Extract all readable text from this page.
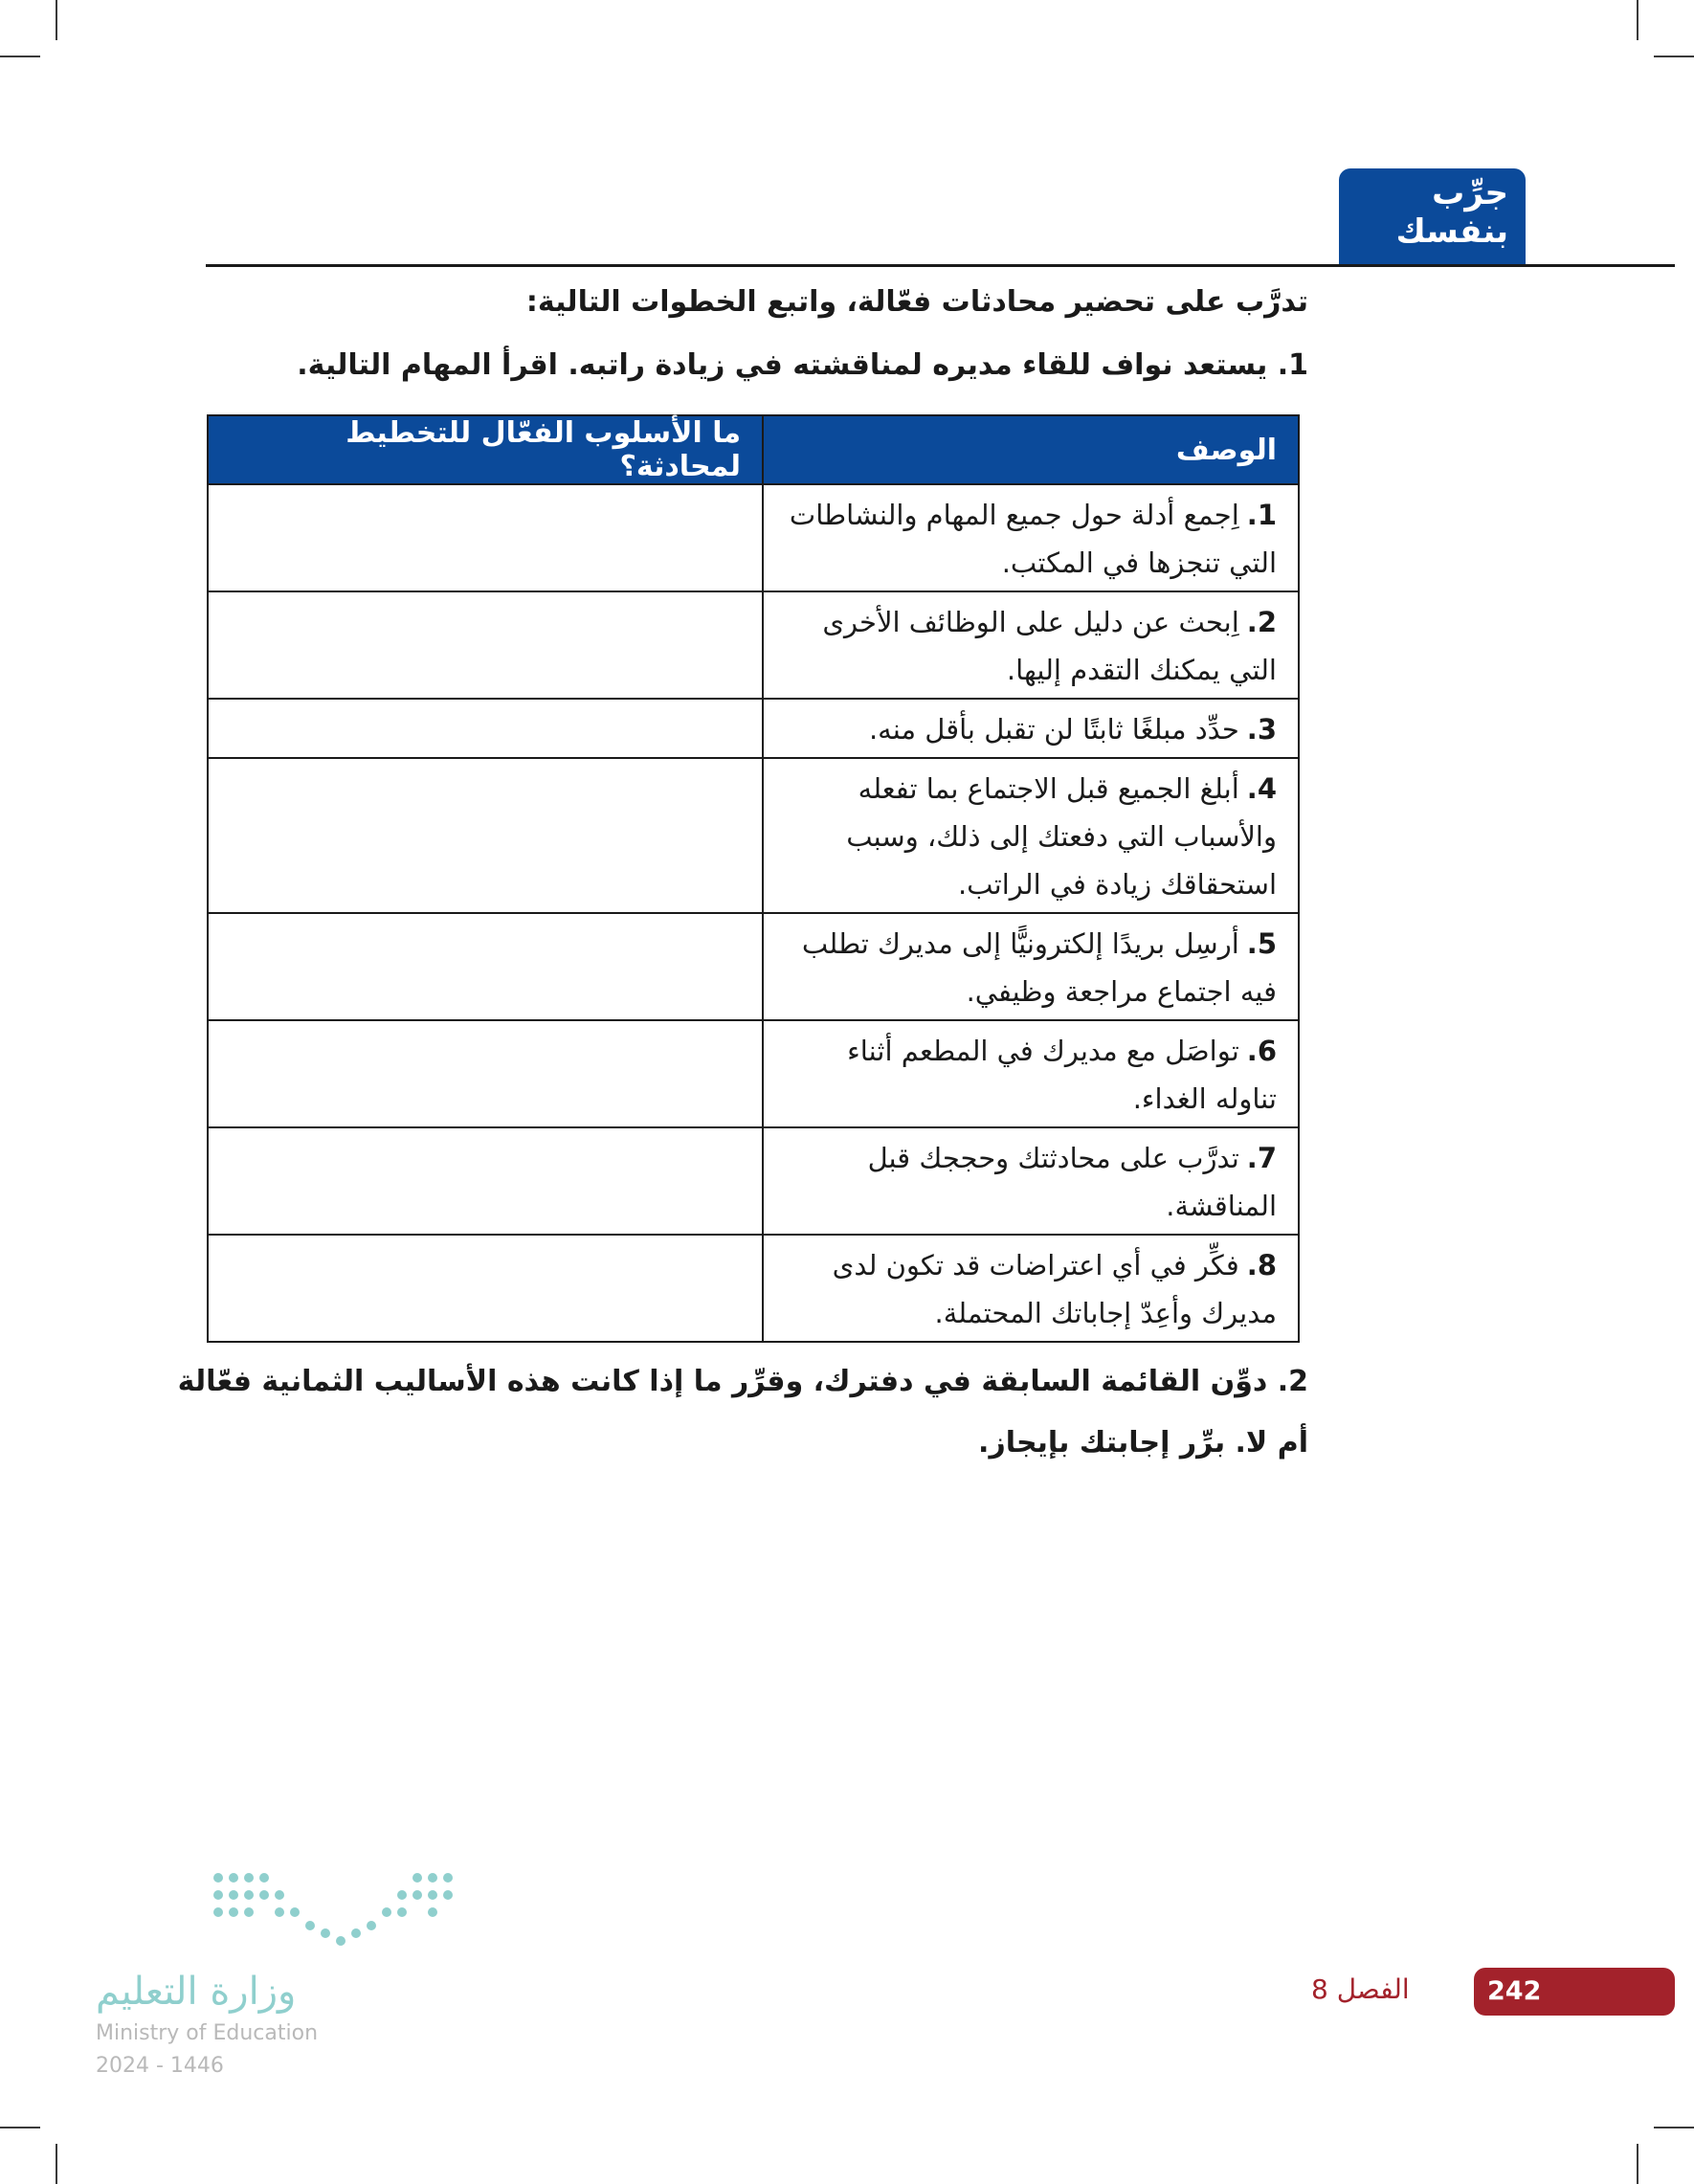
جرِّب
بنفسك
تدرَّب على تحضير محادثات فعّالة، واتبع الخطوات التالية:
1. يستعد نواف للقاء مديره لمناقشته في زيادة راتبه. اقرأ المهام التالية.
الوصف	ما الأسلوب الفعّال للتخطيط لمحادثة؟
1.اِجمع أدلة حول جميع المهام والنشاطات التي تنجزها في المكتب.	
2.اِبحث عن دليل على الوظائف الأخرى التي يمكنك التقدم إليها.	
3.حدِّد مبلغًا ثابتًا لن تقبل بأقل منه.	
4.أبلغ الجميع قبل الاجتماع بما تفعله والأسباب التي دفعتك إلى ذلك، وسبب استحقاقك زيادة في الراتب.	
5.أرسِل بريدًا إلكترونيًّا إلى مديرك تطلب فيه اجتماع مراجعة وظيفي.	
6.تواصَل مع مديرك في المطعم أثناء تناوله الغداء.	
7.تدرَّب على محادثتك وحججك قبل المناقشة.	
8.فكِّر في أي اعتراضات قد تكون لدى مديرك وأعِدّ إجاباتك المحتملة.	
2. دوِّن القائمة السابقة في دفترك، وقرِّر ما إذا كانت هذه الأساليب الثمانية فعّالة أم لا. برِّر إجابتك بإيجاز.
وزارة التعليم
Ministry of Education
2024 - 1446
الفصل 8	242
